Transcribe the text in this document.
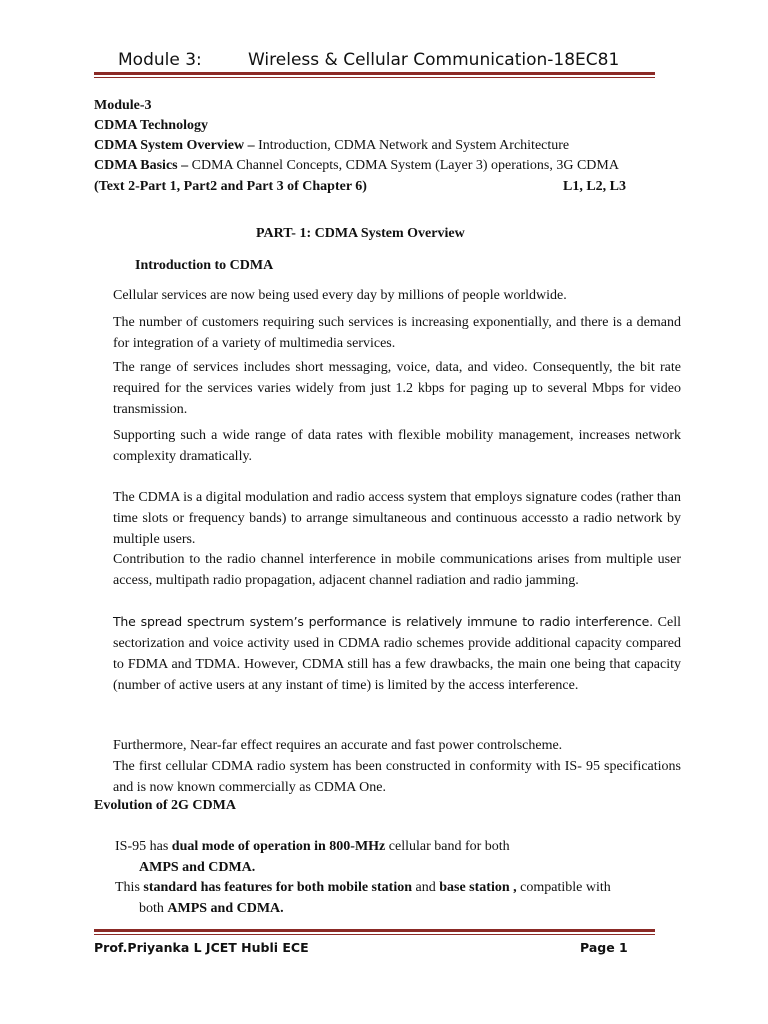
Module 3:	Wireless & Cellular Communication-18EC81
Module-3
CDMA Technology
CDMA System Overview – Introduction, CDMA Network and System Architecture
CDMA Basics – CDMA Channel Concepts, CDMA System (Layer 3) operations, 3G CDMA
(Text 2-Part 1, Part2 and Part 3 of Chapter 6)	L1, L2, L3
PART- 1: CDMA System Overview
Introduction to CDMA
Cellular services are now being used every day by millions of people worldwide.
The number of customers requiring such services is increasing exponentially, and there is a demand for integration of a variety of multimedia services.
The range of services includes short messaging, voice, data, and video. Consequently, the bit rate required for the services varies widely from just 1.2 kbps for paging up to several Mbps for video transmission.
Supporting such a wide range of data rates with flexible mobility management, increases network complexity dramatically.
The CDMA is a digital modulation and radio access system that employs signature codes (rather than time slots or frequency bands) to arrange simultaneous and continuous accessto a radio network by multiple users.
Contribution to the radio channel interference in mobile communications arises from multiple user access, multipath radio propagation, adjacent channel radiation and radio jamming.
The spread spectrum system’s performance is relatively immune to radio interference. Cell sectorization and voice activity used in CDMA radio schemes provide additional capacity compared to FDMA and TDMA. However, CDMA still has a few drawbacks, the main one being that capacity (number of active users at any instant of time) is limited by the access interference.
Furthermore, Near-far effect requires an accurate and fast power controlscheme.
The first cellular CDMA radio system has been constructed in conformity with IS- 95 specifications and is now known commercially as CDMA One.
Evolution of 2G CDMA
IS-95 has dual mode of operation in 800-MHz cellular band for both
AMPS and CDMA.
This standard has features for both mobile station and base station , compatible with
both AMPS and CDMA.
Prof.Priyanka L JCET Hubli ECE	Page 1
